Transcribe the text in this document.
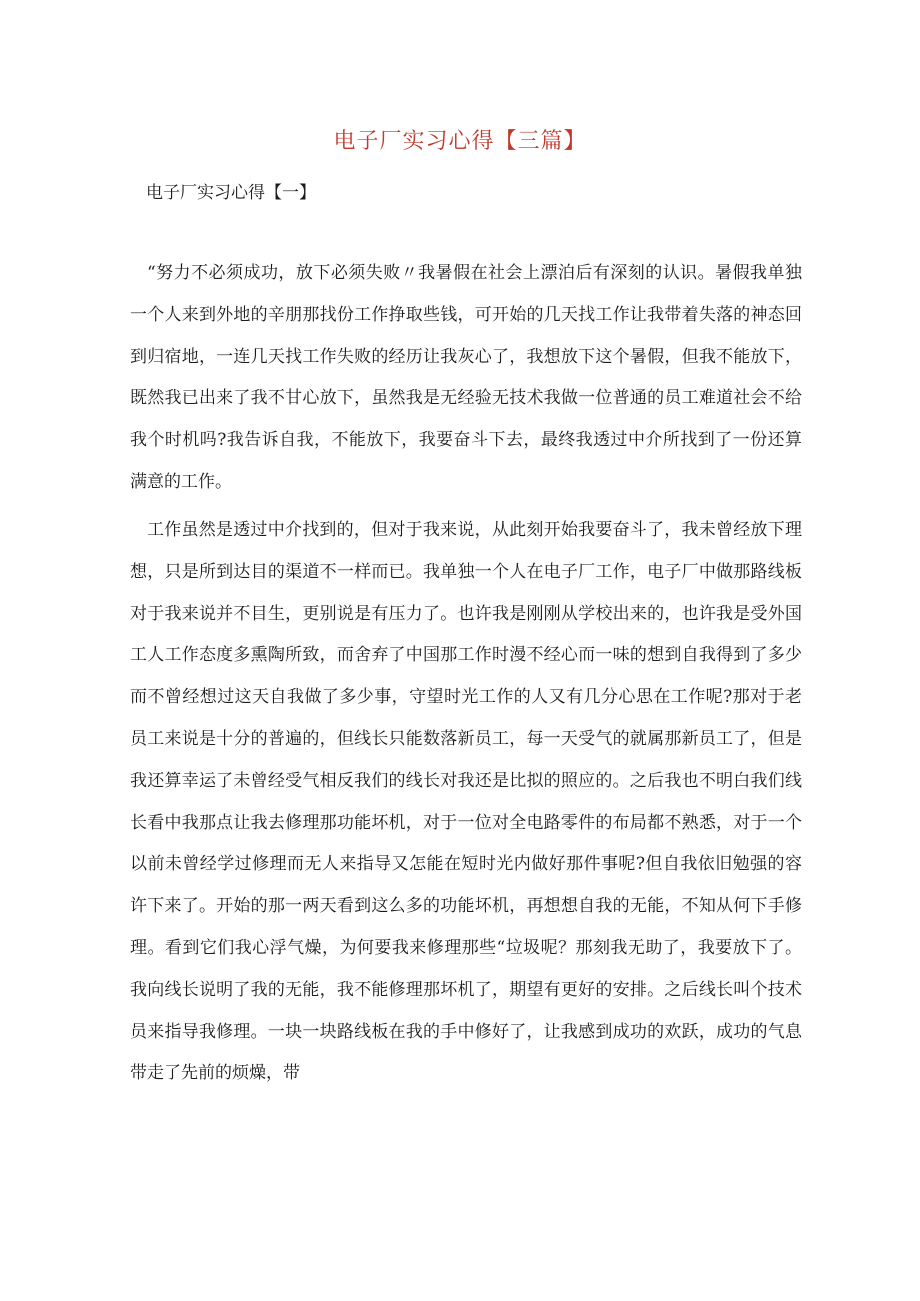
电子厂实习心得【三篇】
电子厂实习心得【一】
“努力不必须成功，放下必须失败〃我暑假在社会上漂泊后有深刻的认识。暑假我单独
一个人来到外地的辛朋那找份工作挣取些钱，可开始的几天找工作让我带着失落的神态回
到归宿地，一连几天找工作失败的经历让我灰心了，我想放下这个暑假，但我不能放下，
既然我已出来了我不甘心放下，虽然我是无经验无技术我做一位普通的员工难道社会不给
我个时机吗?我告诉自我，不能放下，我要奋斗下去，最终我透过中介所找到了一份还算
满意的工作。
工作虽然是透过中介找到的，但对于我来说，从此刻开始我要奋斗了，我未曾经放下理
想，只是所到达目的渠道不一样而已。我单独一个人在电子厂工作，电子厂中做那路线板
对于我来说并不目生，更别说是有压力了。也许我是刚刚从学校出来的，也许我是受外国
工人工作态度多熏陶所致，而舍弃了中国那工作时漫不经心而一味的想到自我得到了多少
而不曾经想过这天自我做了多少事，守望时光工作的人又有几分心思在工作呢?那对于老
员工来说是十分的普遍的，但线长只能数落新员工，每一天受气的就属那新员工了，但是
我还算幸运了未曾经受气相反我们的线长对我还是比拟的照应的。之后我也不明白我们线
长看中我那点让我去修理那功能坏机，对于一位对全电路零件的布局都不熟悉，对于一个
以前未曾经学过修理而无人来指导又怎能在短时光内做好那件事呢?但自我依旧勉强的容
许下来了。开始的那一两天看到这么多的功能坏机，再想想自我的无能，不知从何下手修
理。看到它们我心浮气燥，为何要我来修理那些“垃圾呢？那刻我无助了，我要放下了。
我向线长说明了我的无能，我不能修理那坏机了，期望有更好的安排。之后线长叫个技术
员来指导我修理。一块一块路线板在我的手中修好了，让我感到成功的欢跃，成功的气息
带走了先前的烦燥，带
